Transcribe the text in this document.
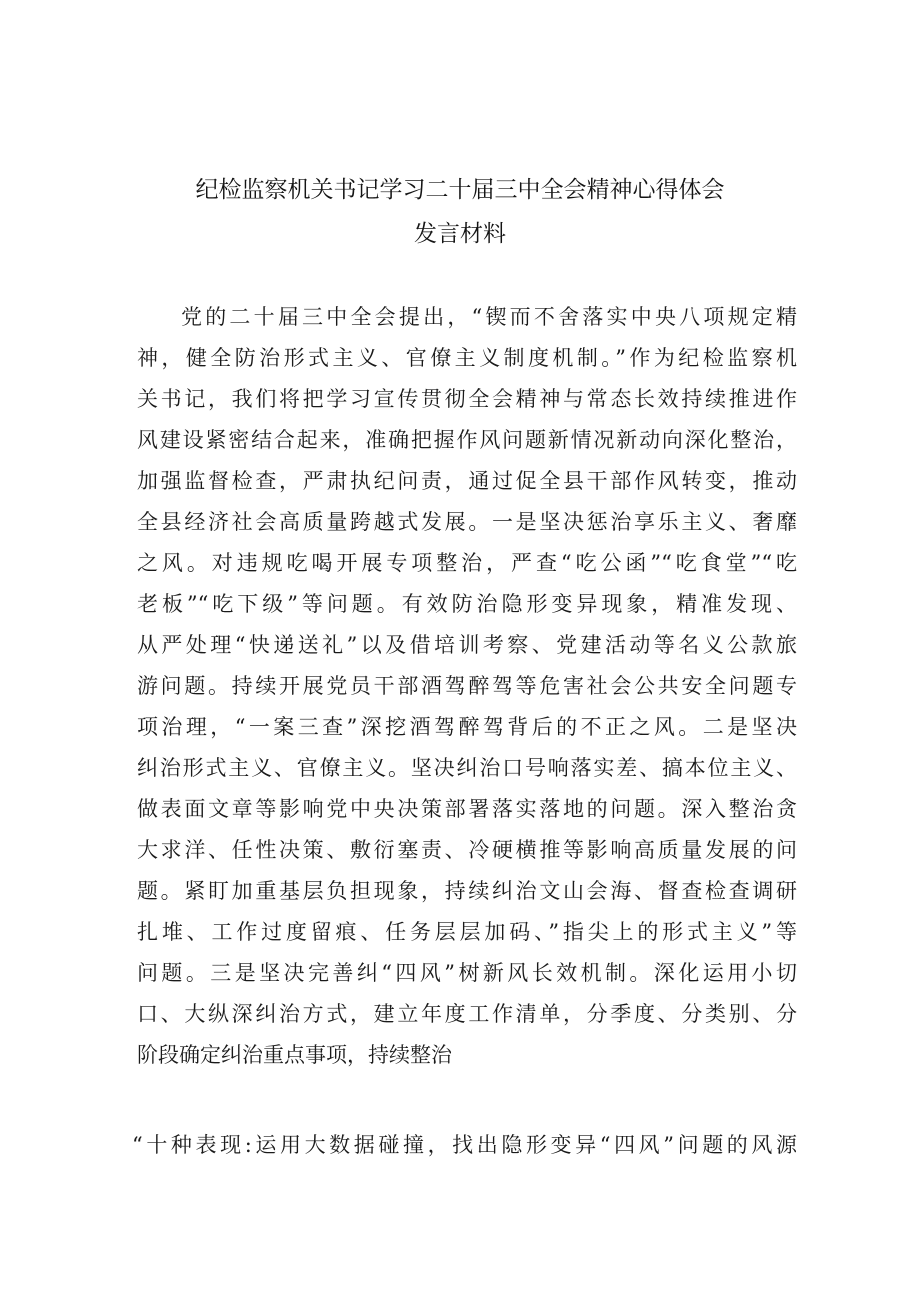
纪检监察机关书记学习二十届三中全会精神心得体会

发言材料

党的二十届三中全会提出，“锲而不舍落实中央八项规定精

神，健全防治形式主义、官僚主义制度机制。”作为纪检监察机

关书记，我们将把学习宣传贯彻全会精神与常态长效持续推进作

风建设紧密结合起来，准确把握作风问题新情况新动向深化整治，

加强监督检查，严肃执纪问责，通过促全县干部作风转变，推动

全县经济社会高质量跨越式发展。一是坚决惩治享乐主义、奢靡

之风。对违规吃喝开展专项整治，严查“吃公函”“吃食堂”“吃

老板”“吃下级”等问题。有效防治隐形变异现象，精准发现、

从严处理“快递送礼”以及借培训考察、党建活动等名义公款旅

游问题。持续开展党员干部酒驾醉驾等危害社会公共安全问题专

项治理，“一案三查”深挖酒驾醉驾背后的不正之风。二是坚决

纠治形式主义、官僚主义。坚决纠治口号响落实差、搞本位主义、

做表面文章等影响党中央决策部署落实落地的问题。深入整治贪

大求洋、任性决策、敷衍塞责、冷硬横推等影响高质量发展的问

题。紧盯加重基层负担现象，持续纠治文山会海、督查检查调研

扎堆、工作过度留痕、任务层层加码、”指尖上的形式主义”等

问题。三是坚决完善纠“四风”树新风长效机制。深化运用小切

口、大纵深纠治方式，建立年度工作清单，分季度、分类别、分

阶段确定纠治重点事项，持续整治

“十种表现:运用大数据碰撞，找出隐形变异“四风”问题的风源
